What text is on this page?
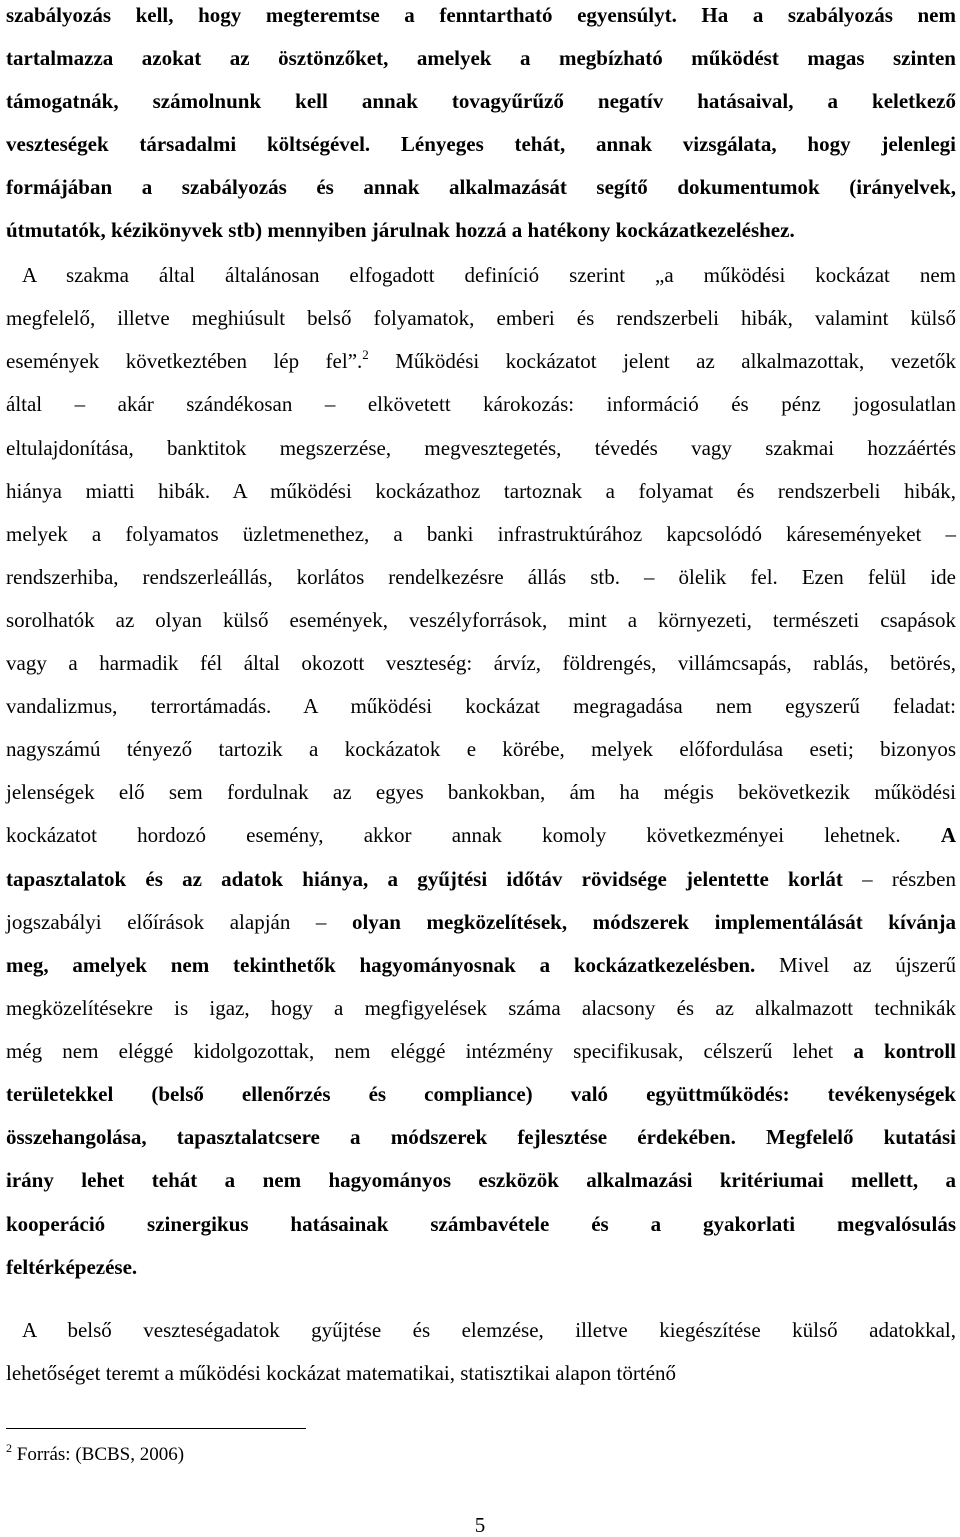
szabályozás kell, hogy megteremtse a fenntartható egyensúlyt. Ha a szabályozás nem
tartalmazza azokat az ösztönzőket, amelyek a megbízható működést magas szinten
támogatnák, számolnunk kell annak tovagyűrűző negatív hatásaival, a keletkező
veszteségek társadalmi költségével. Lényeges tehát, annak vizsgálata, hogy jelenlegi
formájában a szabályozás és annak alkalmazását segítő dokumentumok (irányelvek,
útmutatók, kézikönyvek stb) mennyiben járulnak hozzá a hatékony kockázatkezeléshez.
A szakma által általánosan elfogadott definíció szerint „a működési kockázat nem
megfelelő, illetve meghiúsult belső folyamatok, emberi és rendszerbeli hibák, valamint külső
események következtében lép fel”.$^2$ Működési kockázatot jelent az alkalmazottak, vezetők
által – akár szándékosan – elkövetett károkozás: információ és pénz jogosulatlan
eltulajdonítása, banktitok megszerzése, megvesztegetés, tévedés vagy szakmai hozzáértés
hiánya miatti hibák. A működési kockázathoz tartoznak a folyamat és rendszerbeli hibák,
melyek a folyamatos üzletmenethez, a banki infrastruktúrához kapcsolódó káreseményeket –
rendszerhiba, rendszerleállás, korlátos rendelkezésre állás stb. – ölelik fel. Ezen felül ide
sorolhatók az olyan külső események, veszélyforrások, mint a környezeti, természeti csapások
vagy a harmadik fél által okozott veszteség: árvíz, földrengés, villámcsapás, rablás, betörés,
vandalizmus, terrortámadás. A működési kockázat megragadása nem egyszerű feladat:
nagyszámú tényező tartozik a kockázatok e körébe, melyek előfordulása eseti; bizonyos
jelenségek elő sem fordulnak az egyes bankokban, ám ha mégis bekövetkezik működési
kockázatot hordozó esemény, akkor annak komoly következményei lehetnek. A
tapasztalatok és az adatok hiánya, a gyűjtési időtáv rövidsége jelentette korlát – részben
jogszabályi előírások alapján – olyan megközelítések, módszerek implementálását kívánja
meg, amelyek nem tekinthetők hagyományosnak a kockázatkezelésben. Mivel az újszerű
megközelítésekre is igaz, hogy a megfigyelések száma alacsony és az alkalmazott technikák
még nem eléggé kidolgozottak, nem eléggé intézmény specifikusak, célszerű lehet a kontroll
területekkel (belső ellenőrzés és compliance) való együttműködés: tevékenységek
összehangolása, tapasztalatcsere a módszerek fejlesztése érdekében. Megfelelő kutatási
irány lehet tehát a nem hagyományos eszközök alkalmazási kritériumai mellett, a
kooperáció szinergikus hatásainak számbavétele és a gyakorlati megvalósulás
feltérképezése.
A belső veszteségadatok gyűjtése és elemzése, illetve kiegészítése külső adatokkal,
lehetőséget teremt a működési kockázat matematikai, statisztikai alapon történő
$^2$ Forrás: (BCBS, 2006)
5
